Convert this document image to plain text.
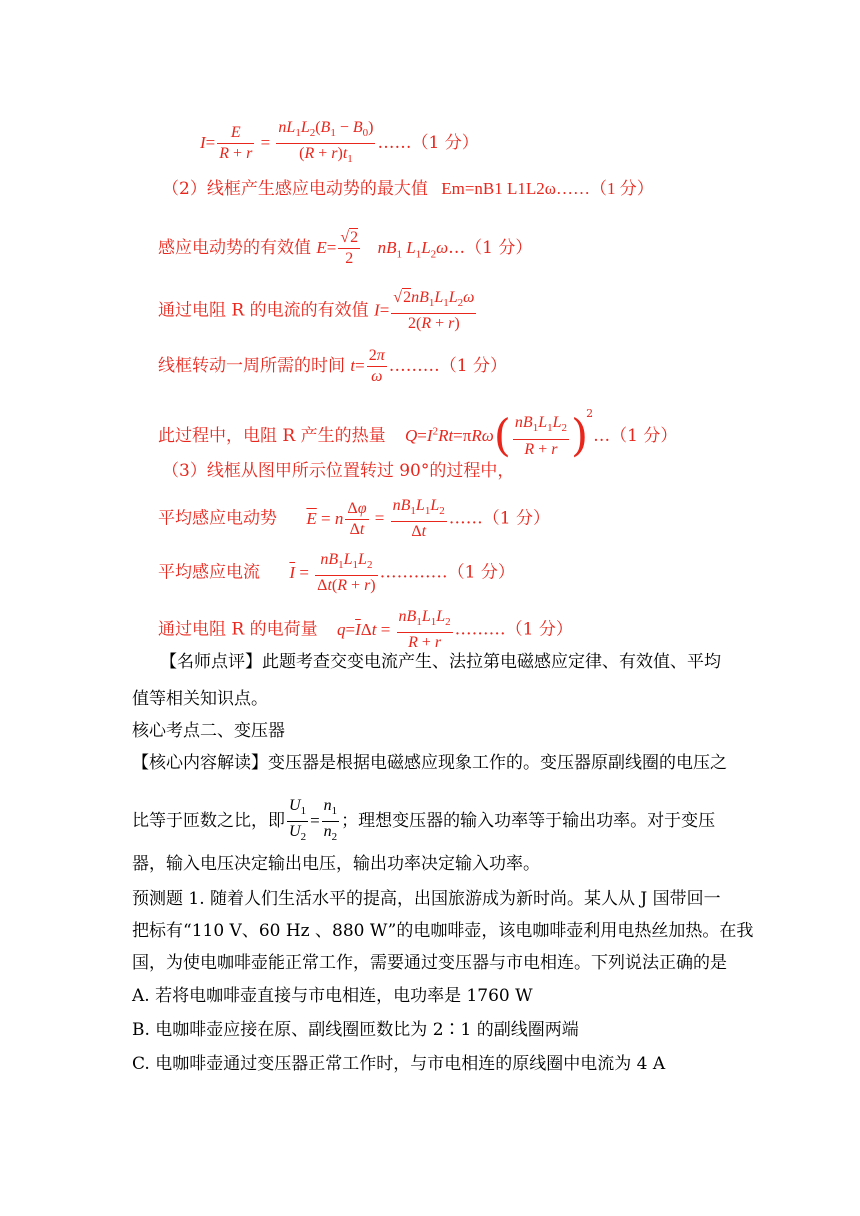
$I= \frac{E}{R + r} = \frac{nL_1L_2(B_1 - B_0)}{(R + r)t_1}$ ……（1 分）
（2）线框产生感应电动势的最大值 Em=nB1 L1L2ω……（1 分）
感应电动势的有效值 $E= \frac{√2}{2} nB_1$ $L_1L_2\omega\dots(1$ 分）
通过电阻 R 的电流的有效值 $I= \frac{√2nB_1L_1L_2\omega}{2(R + r)}$
线框转动一周所需的时间 $t= \frac{2\pi}{\omega}$ ………（1 分）
此过程中，电阻 R 产生的热量 $Q=I^2Rt=\pi R\omega( \frac{nB_1L_1L_2}{R + r}$ )$^2\dots(1$ 分）
（3）线框从图甲所示位置转过 90°的过程中，
平均感应电动势 $\overline{E} = n \frac{\Delta\varphi}{\Delta t} = \frac{nB_1L_1L_2}{\Delta t}$ ……（1 分）
平均感应电流 $\overline{I} = \frac{nB_1L_1L_2}{\Delta t(R + r)}$ …………（1 分）
通过电阻 R 的电荷量 $q=\overline{I}\Delta t = \frac{nB_1L_1L_2}{R + r}$ ………（1 分）
【名师点评】此题考查交变电流产生、法拉第电磁感应定律、有效值、平均
值等相关知识点。
核心考点二、变压器
【核心内容解读】变压器是根据电磁感应现象工作的。变压器原副线圈的电压之
比等于匝数之比，即 $\frac{U_1}{U_2} = \frac{n_1}{n_2}$ ；理想变压器的输入功率等于输出功率。对于变压
器，输入电压决定输出电压，输出功率决定输入功率。
预测题 1. 随着人们生活水平的提高，出国旅游成为新时尚。某人从 J 国带回一
把标有“110 V、60 Hz 、880 W”的电咖啡壶，该电咖啡壶利用电热丝加热。在我
国，为使电咖啡壶能正常工作，需要通过变压器与市电相连。下列说法正确的是
A. 若将电咖啡壶直接与市电相连，电功率是 1760 W
B. 电咖啡壶应接在原、副线圈匝数比为 2∶1 的副线圈两端
C. 电咖啡壶通过变压器正常工作时，与市电相连的原线圈中电流为 4 A
